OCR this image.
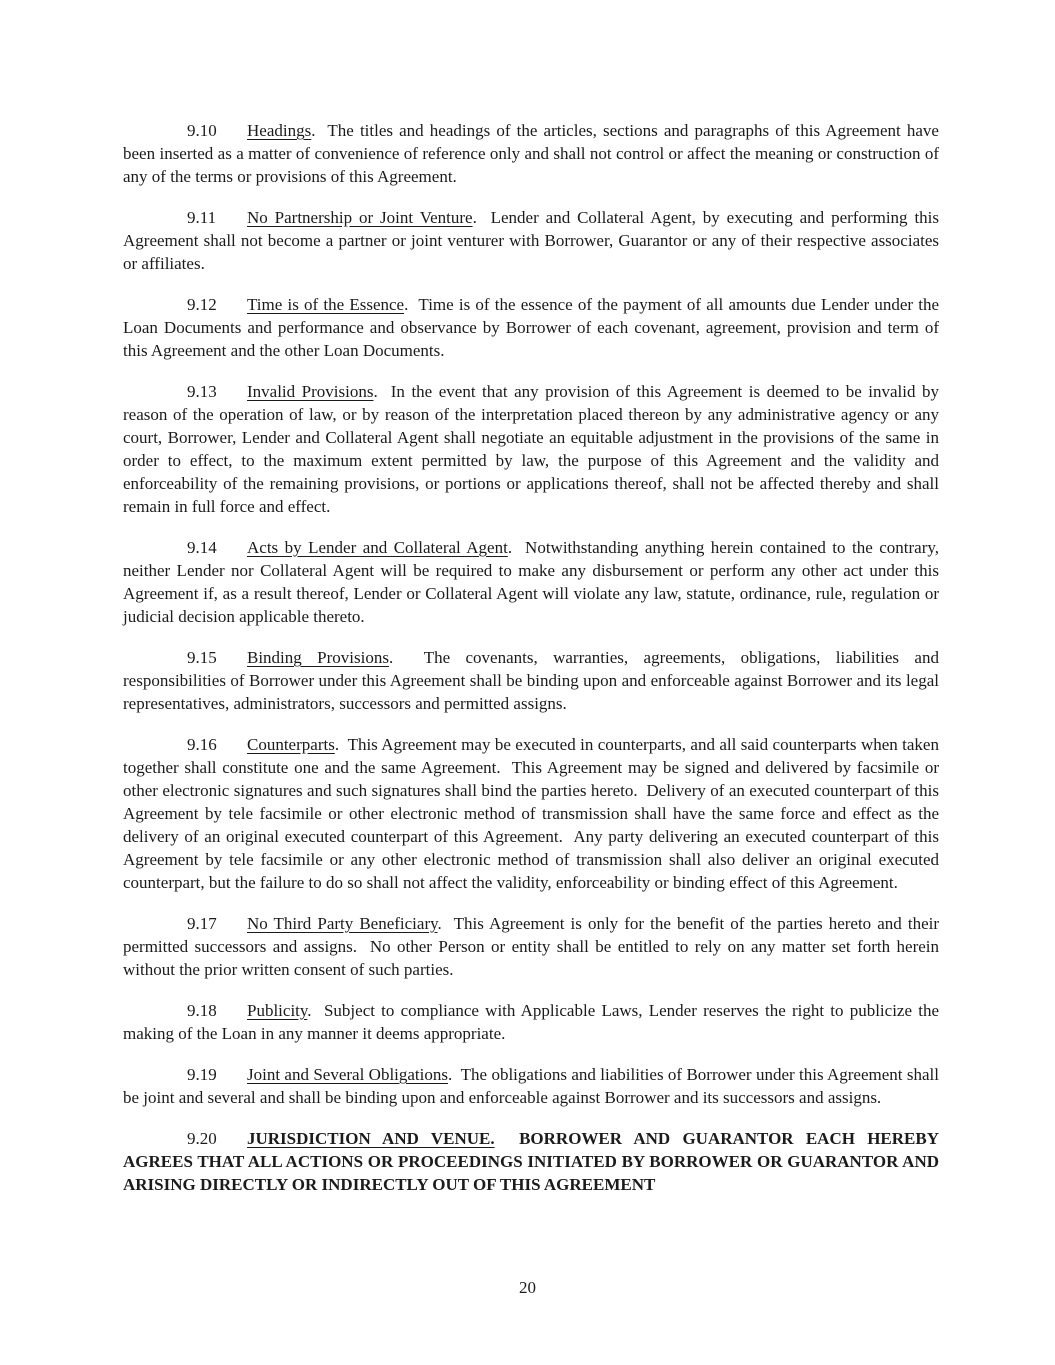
9.10 Headings.  The titles and headings of the articles, sections and paragraphs of this Agreement have been inserted as a matter of convenience of reference only and shall not control or affect the meaning or construction of any of the terms or provisions of this Agreement.

9.11 No Partnership or Joint Venture.  Lender and Collateral Agent, by executing and performing this Agreement shall not become a partner or joint venturer with Borrower, Guarantor or any of their respective associates or affiliates.

9.12 Time is of the Essence.  Time is of the essence of the payment of all amounts due Lender under the Loan Documents and performance and observance by Borrower of each covenant, agreement, provision and term of this Agreement and the other Loan Documents.

9.13 Invalid Provisions.  In the event that any provision of this Agreement is deemed to be invalid by reason of the operation of law, or by reason of the interpretation placed thereon by any administrative agency or any court, Borrower, Lender and Collateral Agent shall negotiate an equitable adjustment in the provisions of the same in order to effect, to the maximum extent permitted by law, the purpose of this Agreement and the validity and enforceability of the remaining provisions, or portions or applications thereof, shall not be affected thereby and shall remain in full force and effect.

9.14 Acts by Lender and Collateral Agent.  Notwithstanding anything herein contained to the contrary, neither Lender nor Collateral Agent will be required to make any disbursement or perform any other act under this Agreement if, as a result thereof, Lender or Collateral Agent will violate any law, statute, ordinance, rule, regulation or judicial decision applicable thereto.

9.15 Binding Provisions.  The covenants, warranties, agreements, obligations, liabilities and responsibilities of Borrower under this Agreement shall be binding upon and enforceable against Borrower and its legal representatives, administrators, successors and permitted assigns.

9.16 Counterparts.  This Agreement may be executed in counterparts, and all said counterparts when taken together shall constitute one and the same Agreement.  This Agreement may be signed and delivered by facsimile or other electronic signatures and such signatures shall bind the parties hereto.  Delivery of an executed counterpart of this Agreement by tele facsimile or other electronic method of transmission shall have the same force and effect as the delivery of an original executed counterpart of this Agreement.  Any party delivering an executed counterpart of this Agreement by tele facsimile or any other electronic method of transmission shall also deliver an original executed counterpart, but the failure to do so shall not affect the validity, enforceability or binding effect of this Agreement.

9.17 No Third Party Beneficiary.  This Agreement is only for the benefit of the parties hereto and their permitted successors and assigns.  No other Person or entity shall be entitled to rely on any matter set forth herein without the prior written consent of such parties.

9.18 Publicity.  Subject to compliance with Applicable Laws, Lender reserves the right to publicize the making of the Loan in any manner it deems appropriate.

9.19 Joint and Several Obligations.  The obligations and liabilities of Borrower under this Agreement shall be joint and several and shall be binding upon and enforceable against Borrower and its successors and assigns.

9.20 JURISDICTION AND VENUE. BORROWER AND GUARANTOR EACH HEREBY AGREES THAT ALL ACTIONS OR PROCEEDINGS INITIATED BY BORROWER OR GUARANTOR AND ARISING DIRECTLY OR INDIRECTLY OUT OF THIS AGREEMENT

20
